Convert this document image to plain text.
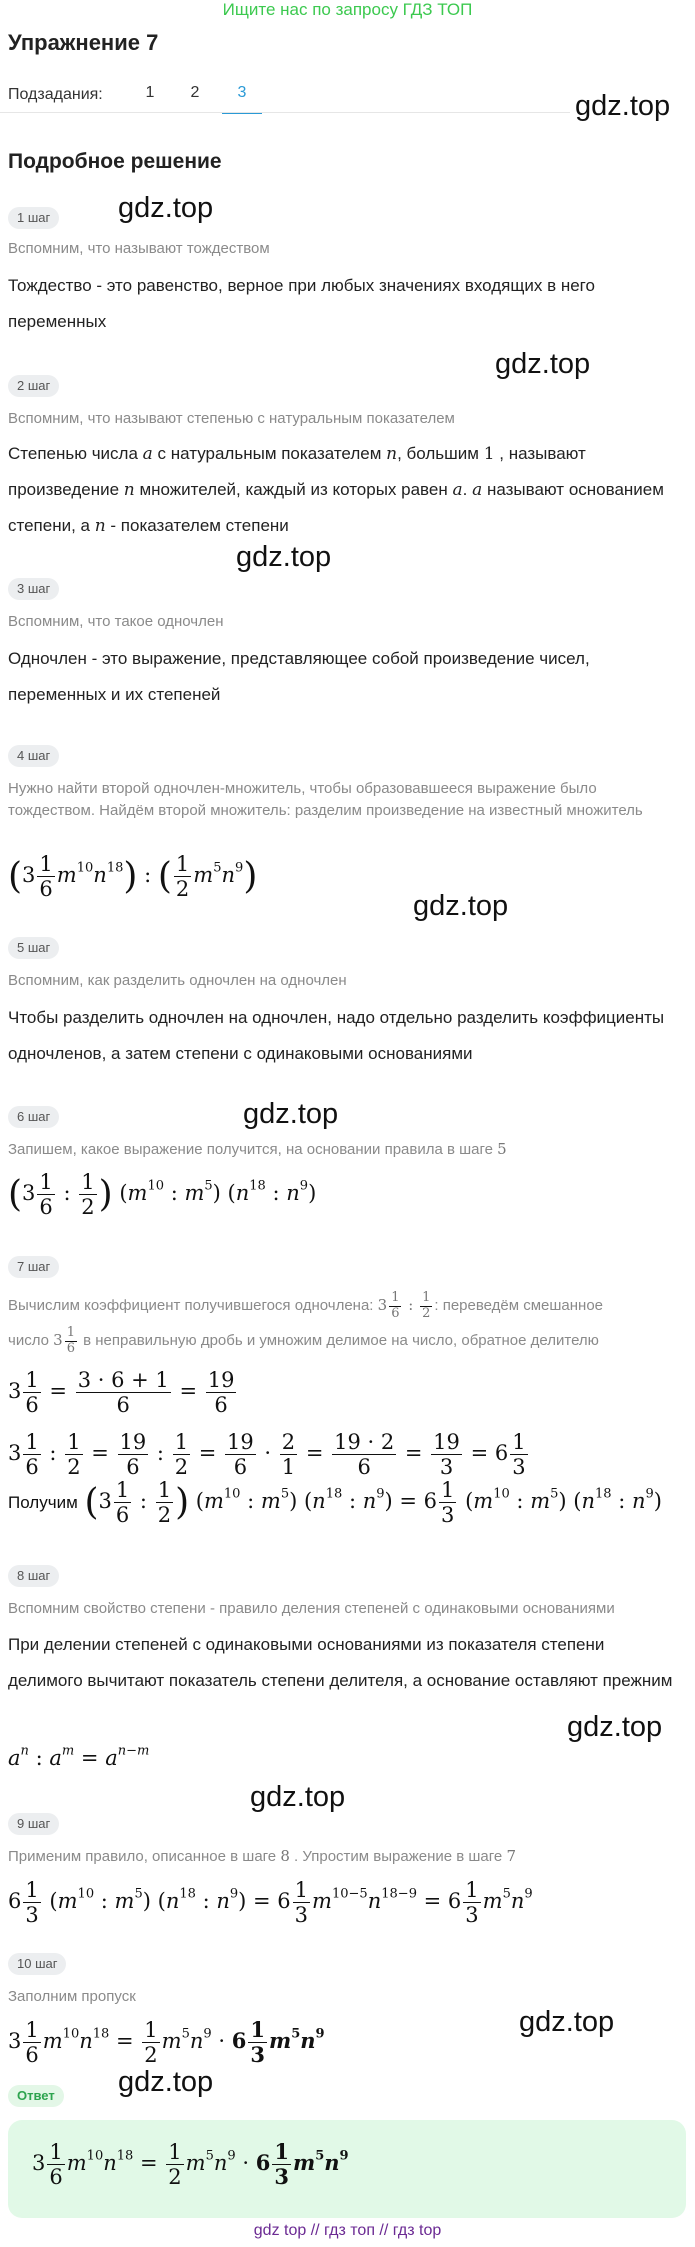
Ищите нас по запросу ГДЗ ТОП
Упражнение 7
Подзадания:	1	2	3	gdz.top
gdz.top
gdz.top
gdz.top
gdz.top
gdz.top
gdz.top
gdz.top
gdz.top
gdz.top
Подробное решение
1 шаг
Вспомним, что называют тождеством
Тождество - это равенство, верное при любых значениях входящих в него переменных
2 шаг
Вспомним, что называют степенью с натуральным показателем
Степенью числа a с натуральным показателем n, большим 1 , называют произведение n множителей, каждый из которых равен a. a называют основанием степени, а n - показателем степени
3 шаг
Вспомним, что такое одночлен
Одночлен - это выражение, представляющее собой произведение чисел, переменных и их степеней
4 шаг
Нужно найти второй одночлен-множитель, чтобы образовавшееся выражение было тождеством. Найдём второй множитель: разделим произведение на известный множитель
$(3 \frac{1}{6} m^{10}n^{18})$ : ( $\frac{1}{2} m^5n^9$)
5 шаг
Вспомним, как разделить одночлен на одночлен
Чтобы разделить одночлен на одночлен, надо отдельно разделить коэффициенты одночленов, а затем степени с одинаковыми основаниями
6 шаг
Запишем, какое выражение получится, на основании правила в шаге 5
($3 \frac{1}{6}$ : $\frac{1}{2}$ ) ($m^{10}$ : $m^5$) ($n^{18}$ : $n^9$)
7 шаг
Вычислим коэффициент получившегося одночлена: $3 \frac{1}{6}$ : $\frac{1}{2}$ : переведём смешанное
число $3 \frac{1}{6}$ в неправильную дробь и умножим делимое на число, обратное делителю
$3 \frac{1}{6} = \frac{3 \cdot 6 + 1}{6} = \frac{19}{6}$
$3 \frac{1}{6}$ : $\frac{1}{2} = \frac{19}{6}$ : $\frac{1}{2} = \frac{19}{6} \cdot \frac{2}{1} = \frac{19 \cdot 2}{6} = \frac{19}{3} = 6 \frac{1}{3}$
Получим ($3 \frac{1}{6}$ : $\frac{1}{2}$ ) ($m^{10}$ : $m^5$) ($n^{18}$ : $n^9) = 6 \frac{1}{3} (m^{10}$ : $m^5$) ($n^{18}$ : $n^9$)
8 шаг
Вспомним свойство степени - правило деления степеней с одинаковыми основаниями
При делении степеней с одинаковыми основаниями из показателя степени делимого вычитают показатель степени делителя, а основание оставляют прежним
$a^n$ : $a^m = a^{n-m}$
9 шаг
Применим правило, описанное в шаге 8 . Упростим выражение в шаге 7
$6 \frac{1}{3} (m^{10}$ : $m^5$) ($n^{18}$ : $n^9) = 6 \frac{1}{3} m^{10-5}n^{18-9} = 6 \frac{1}{3} m^5n^9$
10 шаг
Заполним пропуск
$3 \frac{1}{6} m^{10}n^{18} = \frac{1}{2} m^5n^9 \cdot 6 \frac{1}{3} m^5n^9$
Ответ
$3 \frac{1}{6} m^{10}n^{18} = \frac{1}{2} m^5n^9 \cdot 6 \frac{1}{3} m^5n^9$
gdz top // гдз топ // гдз top
